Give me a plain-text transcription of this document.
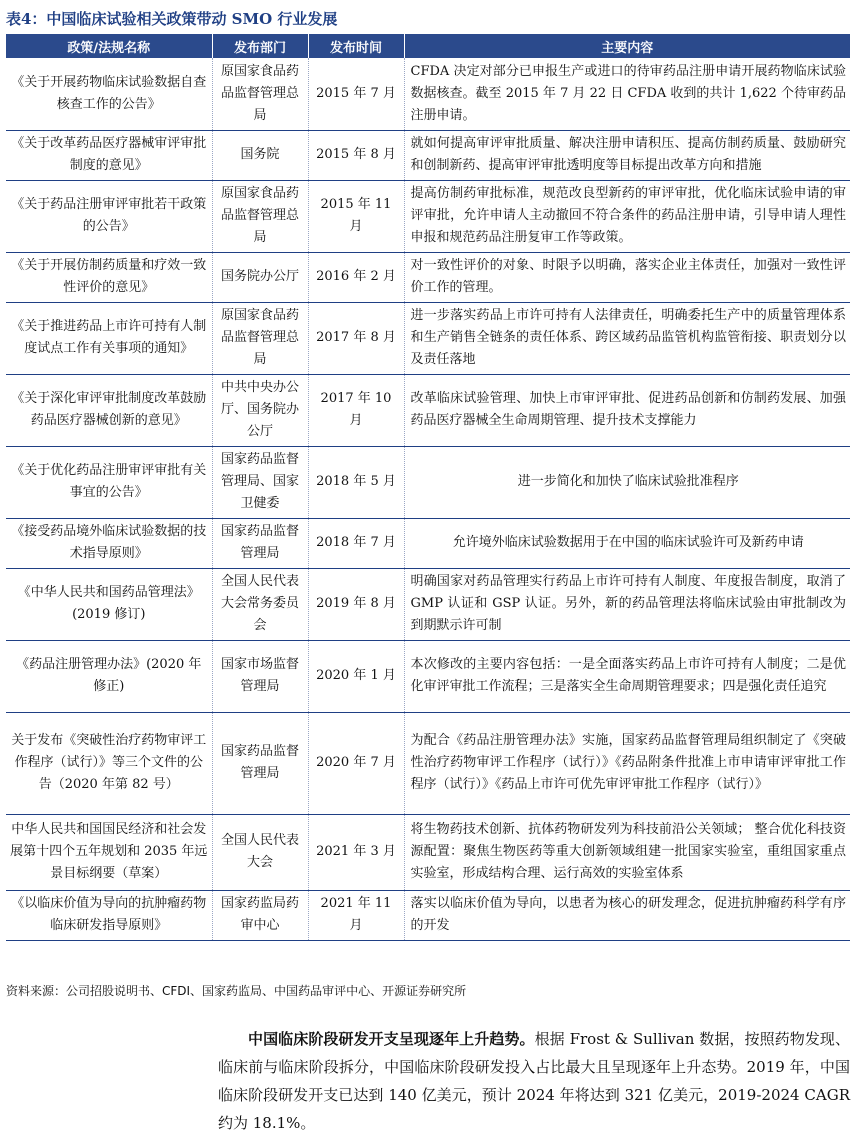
表4：中国临床试验相关政策带动 SMO 行业发展
政策/法规名称	发布部门	发布时间	主要内容
《关于开展药物临床试验数据自查核查工作的公告》	原国家食品药品监督管理总局	2015 年 7 月	CFDA 决定对部分已申报生产或进口的待审药品注册申请开展药物临床试验数据核查。截至 2015 年 7 月 22 日 CFDA 收到的共计 1,622 个待审药品注册申请。
《关于改革药品医疗器械审评审批制度的意见》	国务院	2015 年 8 月	就如何提高审评审批质量、解决注册申请积压、提高仿制药质量、鼓励研究和创制新药、提高审评审批透明度等目标提出改革方向和措施
《关于药品注册审评审批若干政策的公告》	原国家食品药品监督管理总局	2015 年 11 月	提高仿制药审批标准，规范改良型新药的审评审批，优化临床试验申请的审评审批，允许申请人主动撤回不符合条件的药品注册申请，引导申请人理性申报和规范药品注册复审工作等政策。
《关于开展仿制药质量和疗效一致性评价的意见》	国务院办公厅	2016 年 2 月	对一致性评价的对象、时限予以明确，落实企业主体责任，加强对一致性评价工作的管理。
《关于推进药品上市许可持有人制度试点工作有关事项的通知》	原国家食品药品监督管理总局	2017 年 8 月	进一步落实药品上市许可持有人法律责任，明确委托生产中的质量管理体系和生产销售全链条的责任体系、跨区域药品监管机构监管衔接、职责划分以及责任落地
《关于深化审评审批制度改革鼓励药品医疗器械创新的意见》	中共中央办公厅、国务院办公厅	2017 年 10 月	改革临床试验管理、加快上市审评审批、促进药品创新和仿制药发展、加强药品医疗器械全生命周期管理、提升技术支撑能力
《关于优化药品注册审评审批有关事宜的公告》	国家药品监督管理局、国家卫健委	2018 年 5 月	进一步简化和加快了临床试验批准程序
《接受药品境外临床试验数据的技术指导原则》	国家药品监督管理局	2018 年 7 月	允许境外临床试验数据用于在中国的临床试验许可及新药申请
《中华人民共和国药品管理法》(2019 修订)	全国人民代表大会常务委员会	2019 年 8 月	明确国家对药品管理实行药品上市许可持有人制度、年度报告制度，取消了 GMP 认证和 GSP 认证。另外，新的药品管理法将临床试验由审批制改为到期默示许可制
《药品注册管理办法》(2020 年修正)	国家市场监督管理局	2020 年 1 月	本次修改的主要内容包括：一是全面落实药品上市许可持有人制度；二是优化审评审批工作流程；三是落实全生命周期管理要求；四是强化责任追究
关于发布《突破性治疗药物审评工作程序（试行）》等三个文件的公告（2020 年第 82 号）	国家药品监督管理局	2020 年 7 月	为配合《药品注册管理办法》实施，国家药品监督管理局组织制定了《突破性治疗药物审评工作程序（试行）》《药品附条件批准上市申请审评审批工作程序（试行）》《药品上市许可优先审评审批工作程序（试行）》
中华人民共和国国民经济和社会发展第十四个五年规划和 2035 年远景目标纲要（草案）	全国人民代表大会	2021 年 3 月	将生物药技术创新、抗体药物研发列为科技前沿公关领域； 整合优化科技资源配置：聚焦生物医药等重大创新领域组建一批国家实验室，重组国家重点实验室，形成结构合理、运行高效的实验室体系
《以临床价值为导向的抗肿瘤药物临床研发指导原则》	国家药监局药审中心	2021 年 11 月	落实以临床价值为导向，以患者为核心的研发理念，促进抗肿瘤药科学有序的开发
资料来源：公司招股说明书、CFDI、国家药监局、中国药品审评中心、开源证券研究所

中国临床阶段研发开支呈现逐年上升趋势。根据 Frost & Sullivan 数据，按照药物发现、临床前与临床阶段拆分，中国临床阶段研发投入占比最大且呈现逐年上升态势。2019 年，中国临床阶段研发开支已达到 140 亿美元，预计 2024 年将达到 321 亿美元，2019-2024 CAGR 约为 18.1%。
